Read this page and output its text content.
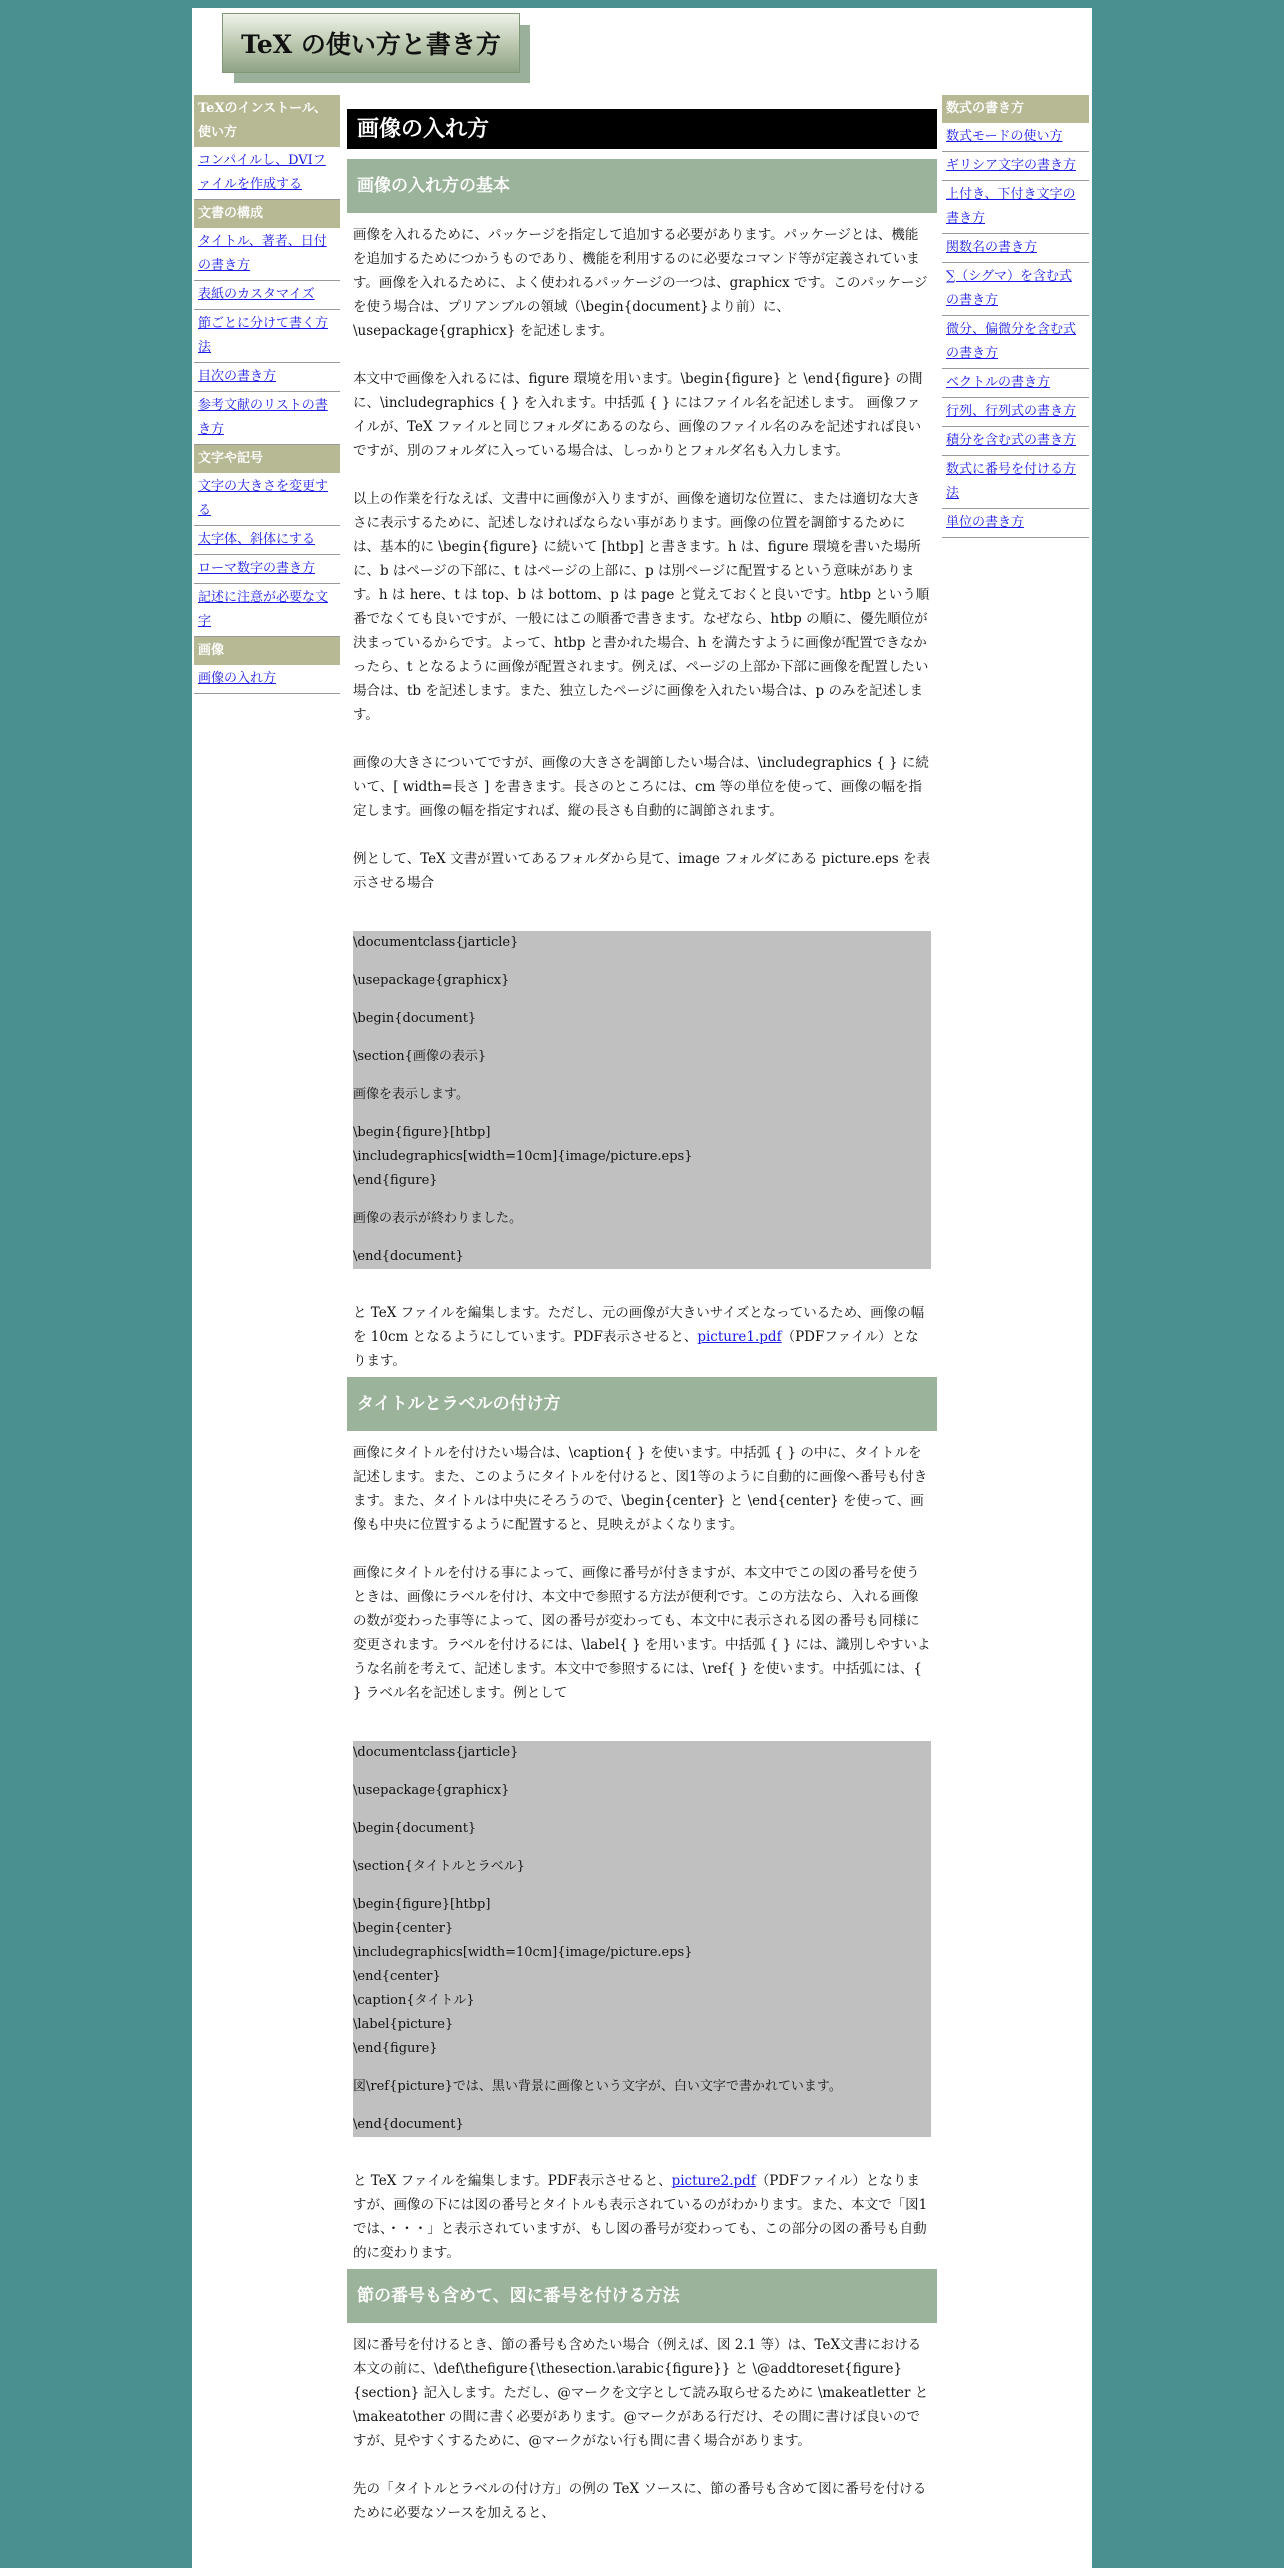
TeX の使い方と書き方
TeXのインストール、使い方
コンパイルし、DVIファイルを作成する
文書の構成
タイトル、著者、日付の書き方
表紙のカスタマイズ
節ごとに分けて書く方法
目次の書き方
参考文献のリストの書き方
文字や記号
文字の大きさを変更する
太字体、斜体にする
ローマ数字の書き方
記述に注意が必要な文字
画像
画像の入れ方
数式の書き方
数式モードの使い方
ギリシア文字の書き方
上付き、下付き文字の書き方
関数名の書き方
∑（シグマ）を含む式の書き方
微分、偏微分を含む式の書き方
ベクトルの書き方
行列、行列式の書き方
積分を含む式の書き方
数式に番号を付ける方法
単位の書き方
画像の入れ方
画像の入れ方の基本

画像を入れるために、パッケージを指定して追加する必要があります。パッケージとは、機能を追加するためにつかうものであり、機能を利用するのに必要なコマンド等が定義されています。画像を入れるために、よく使われるパッケージの一つは、graphicx です。このパッケージを使う場合は、プリアンブルの領域（\begin{document}より前）に、\usepackage{graphicx} を記述します。

本文中で画像を入れるには、figure 環境を用います。\begin{figure} と \end{figure} の間に、\includegraphics { } を入れます。中括弧 { } にはファイル名を記述します。 画像ファイルが、TeX ファイルと同じフォルダにあるのなら、画像のファイル名のみを記述すれば良いですが、別のフォルダに入っている場合は、しっかりとフォルダ名も入力します。

以上の作業を行なえば、文書中に画像が入りますが、画像を適切な位置に、または適切な大きさに表示するために、記述しなければならない事があります。画像の位置を調節するためには、基本的に \begin{figure} に続いて [htbp] と書きます。h は、figure 環境を書いた場所に、b はページの下部に、t はページの上部に、p は別ページに配置するという意味があります。h は here、t は top、b は bottom、p は page と覚えておくと良いです。htbp という順番でなくても良いですが、一般にはこの順番で書きます。なぜなら、htbp の順に、優先順位が決まっているからです。よって、htbp と書かれた場合、h を満たすように画像が配置できなかったら、t となるように画像が配置されます。例えば、ページの上部か下部に画像を配置したい場合は、tb を記述します。また、独立したページに画像を入れたい場合は、p のみを記述します。

画像の大きさについてですが、画像の大きさを調節したい場合は、\includegraphics { } に続いて、[ width=長さ ] を書きます。長さのところには、cm 等の単位を使って、画像の幅を指定します。画像の幅を指定すれば、縦の長さも自動的に調節されます。

例として、TeX 文書が置いてあるフォルダから見て、image フォルダにある picture.eps を表示させる場合

\documentclass{jarticle}
\usepackage{graphicx}
\begin{document}
\section{画像の表示}
画像を表示します。
\begin{figure}[htbp]
\includegraphics[width=10cm]{image/picture.eps}
\end{figure}
画像の表示が終わりました。
\end{document}

と TeX ファイルを編集します。ただし、元の画像が大きいサイズとなっているため、画像の幅を 10cm となるようにしています。PDF表示させると、picture1.pdf（PDFファイル）となります。

タイトルとラベルの付け方

画像にタイトルを付けたい場合は、\caption{ } を使います。中括弧 { } の中に、タイトルを記述します。また、このようにタイトルを付けると、図1等のように自動的に画像へ番号も付きます。また、タイトルは中央にそろうので、\begin{center} と \end{center} を使って、画像も中央に位置するように配置すると、見映えがよくなります。

画像にタイトルを付ける事によって、画像に番号が付きますが、本文中でこの図の番号を使うときは、画像にラベルを付け、本文中で参照する方法が便利です。この方法なら、入れる画像の数が変わった事等によって、図の番号が変わっても、本文中に表示される図の番号も同様に変更されます。ラベルを付けるには、\label{ } を用います。中括弧 { } には、識別しやすいような名前を考えて、記述します。本文中で参照するには、\ref{ } を使います。中括弧には、{ } ラベル名を記述します。例として

\documentclass{jarticle}
\usepackage{graphicx}
\begin{document}
\section{タイトルとラベル}
\begin{figure}[htbp]
\begin{center}
\includegraphics[width=10cm]{image/picture.eps}
\end{center}
\caption{タイトル}
\label{picture}
\end{figure}
図\ref{picture}では、黒い背景に画像という文字が、白い文字で書かれています。
\end{document}

と TeX ファイルを編集します。PDF表示させると、picture2.pdf（PDFファイル）となりますが、画像の下には図の番号とタイトルも表示されているのがわかります。また、本文で「図1では、・・・」と表示されていますが、もし図の番号が変わっても、この部分の図の番号も自動的に変わります。

節の番号も含めて、図に番号を付ける方法

図に番号を付けるとき、節の番号も含めたい場合（例えば、図 2.1 等）は、TeX文書における本文の前に、\def\thefigure{\thesection.\arabic{figure}} と \@addtoreset{figure}{section} 記入します。ただし、@マークを文字として読み取らせるために \makeatletter と \makeatother の間に書く必要があります。@マークがある行だけ、その間に書けば良いのですが、見やすくするために、@マークがない行も間に書く場合があります。

先の「タイトルとラベルの付け方」の例の TeX ソースに、節の番号も含めて図に番号を付けるために必要なソースを加えると、
